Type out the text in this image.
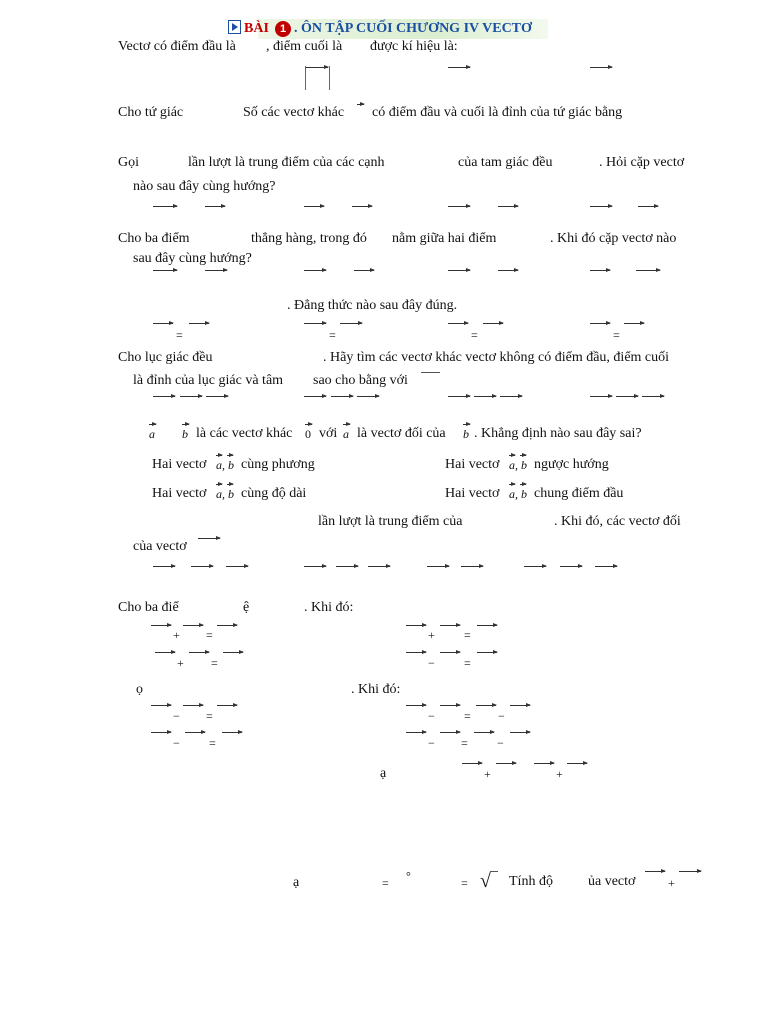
BÀI	1 . ÔN TẬP CUỐI CHƯƠNG IV VECTƠ
Vectơ có điểm đầu là , điểm cuối là được kí hiệu là:
Cho tứ giác	Số các vectơ khác có điểm đầu và cuối là đỉnh của tứ giác bằng
Gọi	lần lượt là trung điểm của các cạnh	của tam giác đều	. Hỏi cặp vectơ
nào sau đây cùng hướng?
Cho ba điểm	thẳng hàng, trong đó nằm giữa hai điểm	. Khi đó cặp vectơ nào
sau đây cùng hướng?
. Đẳng thức nào sau đây đúng.
=	=	=	=
Cho lục giác đều	. Hãy tìm các vectơ khác vectơ không có điểm đầu, điểm cuối
là đỉnh của lục giác và tâm sao cho bằng với
a b là các vectơ khác 0 với a là vectơ đối của b . Khẳng định nào sau đây sai?
Hai vectơ a, b cùng phương	Hai vectơ a, b ngược hướng
Hai vectơ a, b cùng độ dài	Hai vectơ a, b chung điểm đầu
lần lượt là trung điểm của	. Khi đó, các vectơ đối
của vectơ
Cho ba điể	ệ	. Khi đó:
+ =	+ =
+ =	− =
ọ	. Khi đó:
− =	− = −
− =	− = −
ạ	+	+
ạ	= °	= √ Tính độ	ủa vectơ	+
